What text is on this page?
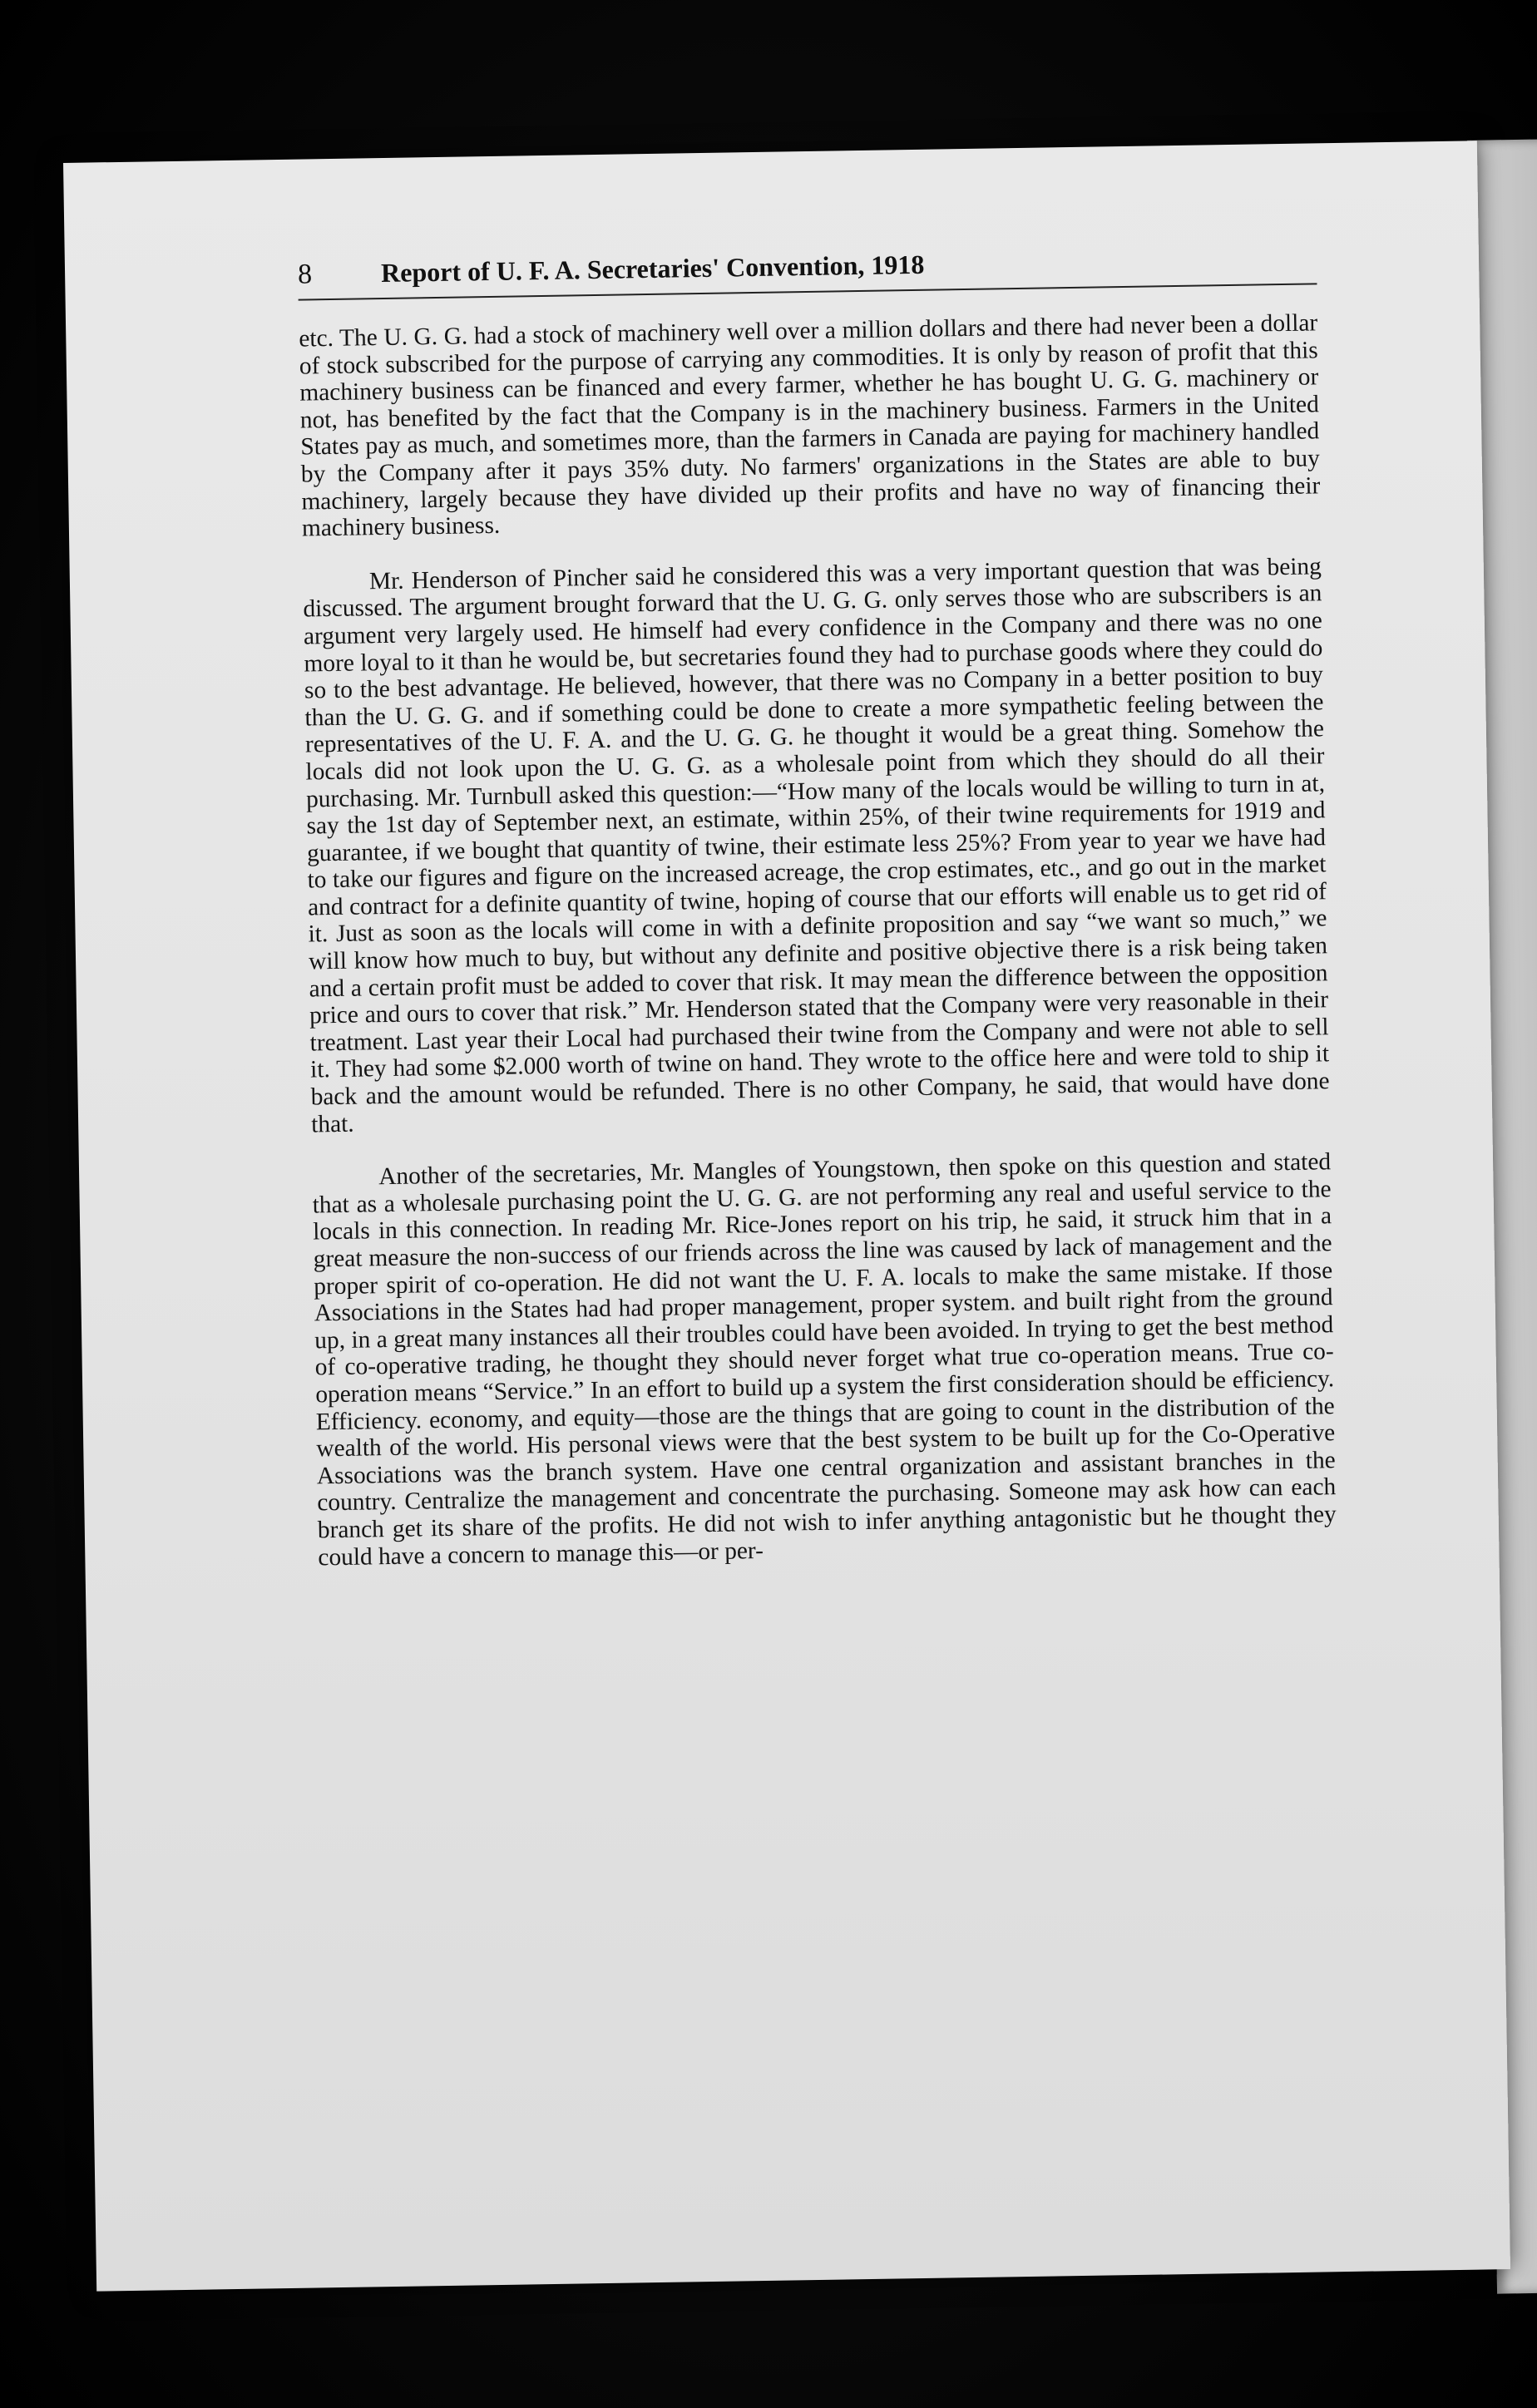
8	Report of U. F. A. Secretaries' Convention, 1918

etc. The U. G. G. had a stock of machinery well over a million dollars and there had never been a dollar of stock subscribed for the purpose of carrying any commodities. It is only by reason of profit that this machinery business can be financed and every farmer, whether he has bought U. G. G. machinery or not, has benefited by the fact that the Company is in the machinery business. Farmers in the United States pay as much, and sometimes more, than the farmers in Canada are paying for machinery handled by the Company after it pays 35% duty. No farmers' organizations in the States are able to buy machinery, largely because they have divided up their profits and have no way of financing their machinery business.

Mr. Henderson of Pincher said he considered this was a very important question that was being discussed. The argument brought forward that the U. G. G. only serves those who are subscribers is an argument very largely used. He himself had every confidence in the Company and there was no one more loyal to it than he would be, but secretaries found they had to purchase goods where they could do so to the best advantage. He believed, however, that there was no Company in a better position to buy than the U. G. G. and if something could be done to create a more sympathetic feeling between the representatives of the U. F. A. and the U. G. G. he thought it would be a great thing. Somehow the locals did not look upon the U. G. G. as a wholesale point from which they should do all their purchasing. Mr. Turnbull asked this question:—“How many of the locals would be willing to turn in at, say the 1st day of September next, an estimate, within 25%, of their twine requirements for 1919 and guarantee, if we bought that quantity of twine, their estimate less 25%? From year to year we have had to take our figures and figure on the increased acreage, the crop estimates, etc., and go out in the market and contract for a definite quantity of twine, hoping of course that our efforts will enable us to get rid of it. Just as soon as the locals will come in with a definite proposition and say “we want so much,” we will know how much to buy, but without any definite and positive objective there is a risk being taken and a certain profit must be added to cover that risk. It may mean the difference between the opposition price and ours to cover that risk.” Mr. Henderson stated that the Company were very reasonable in their treatment. Last year their Local had purchased their twine from the Company and were not able to sell it. They had some $2.000 worth of twine on hand. They wrote to the office here and were told to ship it back and the amount would be refunded. There is no other Company, he said, that would have done that.

Another of the secretaries, Mr. Mangles of Youngstown, then spoke on this question and stated that as a wholesale purchasing point the U. G. G. are not performing any real and useful service to the locals in this connection. In reading Mr. Rice-Jones report on his trip, he said, it struck him that in a great measure the non-success of our friends across the line was caused by lack of management and the proper spirit of co-operation. He did not want the U. F. A. locals to make the same mistake. If those Associations in the States had had proper management, proper system. and built right from the ground up, in a great many instances all their troubles could have been avoided. In trying to get the best method of co-operative trading, he thought they should never forget what true co-operation means. True co-operation means “Service.” In an effort to build up a system the first consideration should be efficiency. Efficiency. economy, and equity—those are the things that are going to count in the distribution of the wealth of the world. His personal views were that the best system to be built up for the Co-Operative Associations was the branch system. Have one central organization and assistant branches in the country. Centralize the management and concentrate the purchasing. Someone may ask how can each branch get its share of the profits. He did not wish to infer anything antagonistic but he thought they could have a concern to manage this—or per-
